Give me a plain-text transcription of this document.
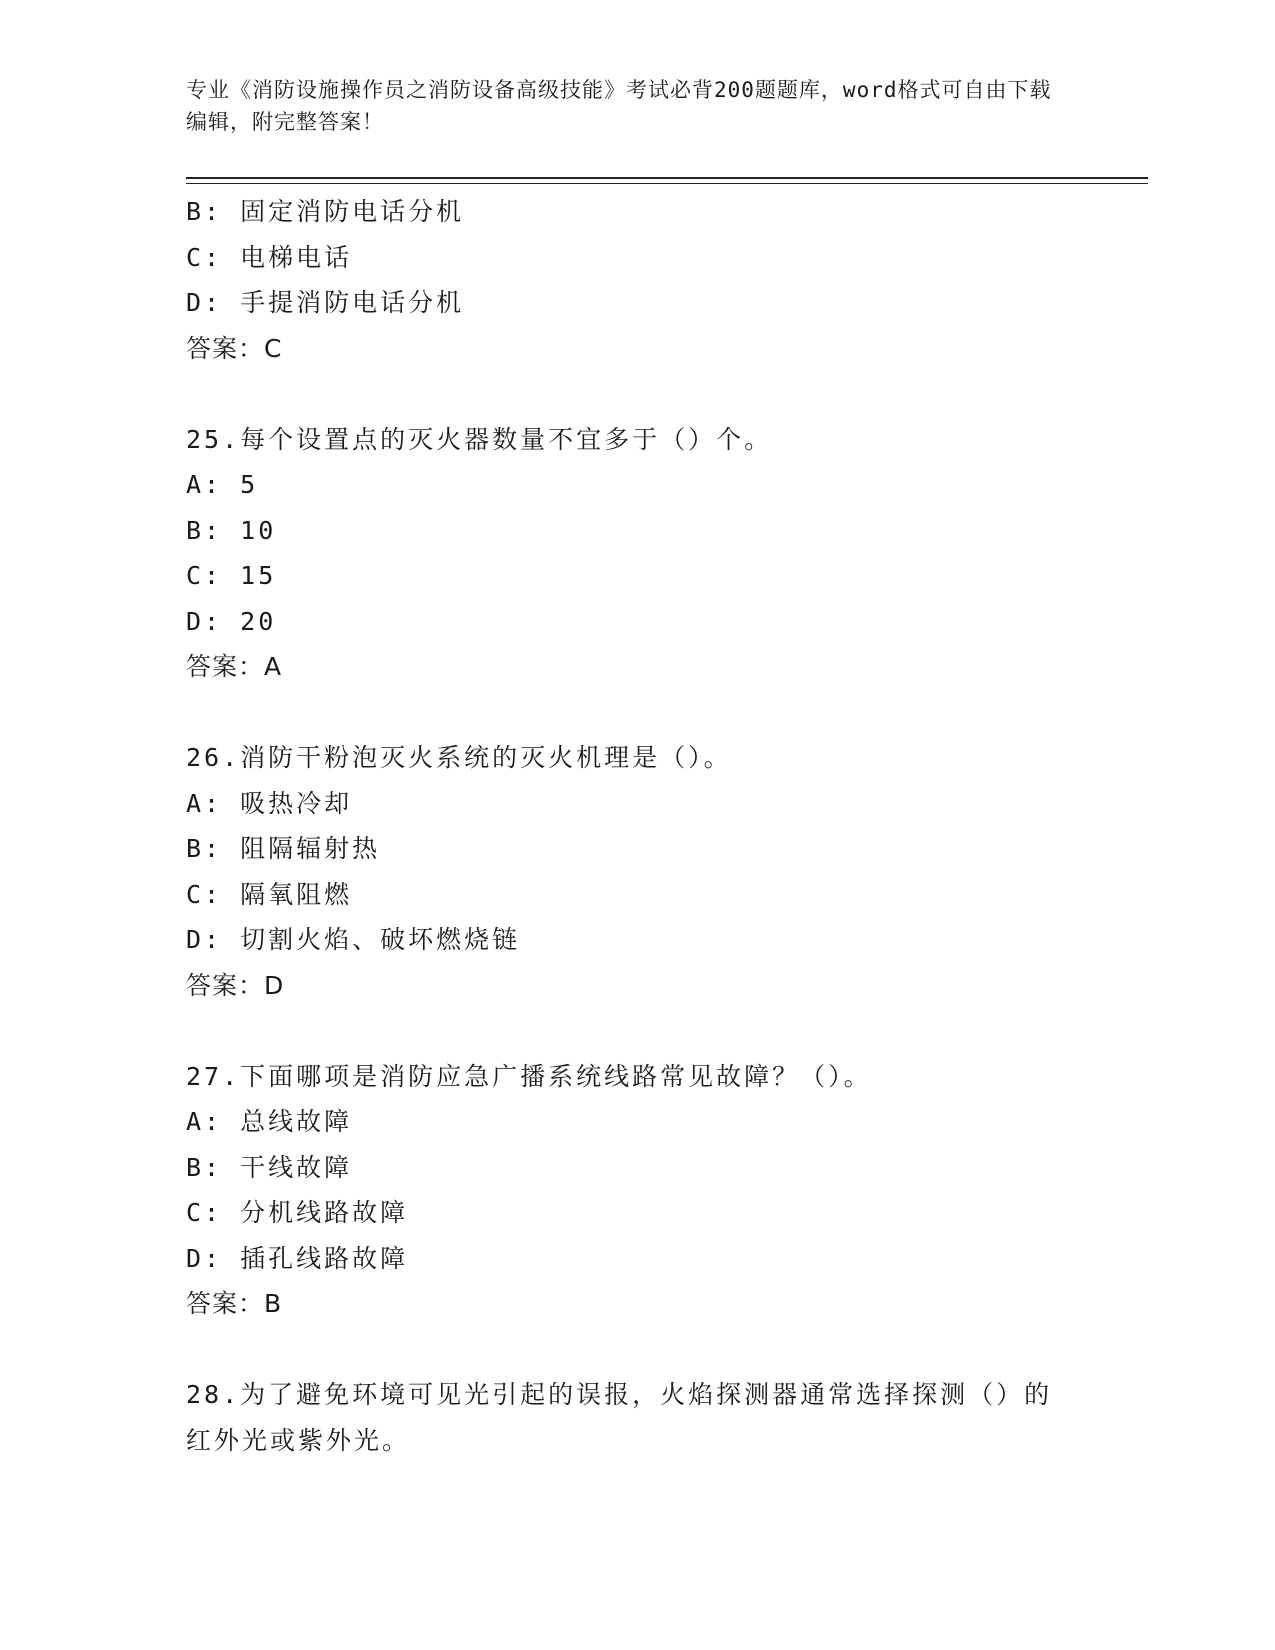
专业《消防设施操作员之消防设备高级技能》考试必背200题题库，word格式可自由下载编辑，附完整答案！
B: 固定消防电话分机
C: 电梯电话
D: 手提消防电话分机
答案：C
25.每个设置点的灭火器数量不宜多于（）个。
A: 5
B: 10
C: 15
D: 20
答案：A
26.消防干粉泡灭火系统的灭火机理是（）。
A: 吸热冷却
B: 阻隔辐射热
C: 隔氧阻燃
D: 切割火焰、破坏燃烧链
答案：D
27.下面哪项是消防应急广播系统线路常见故障？（）。
A: 总线故障
B: 干线故障
C: 分机线路故障
D: 插孔线路故障
答案：B
28.为了避免环境可见光引起的误报，火焰探测器通常选择探测（）的红外光或紫外光。
